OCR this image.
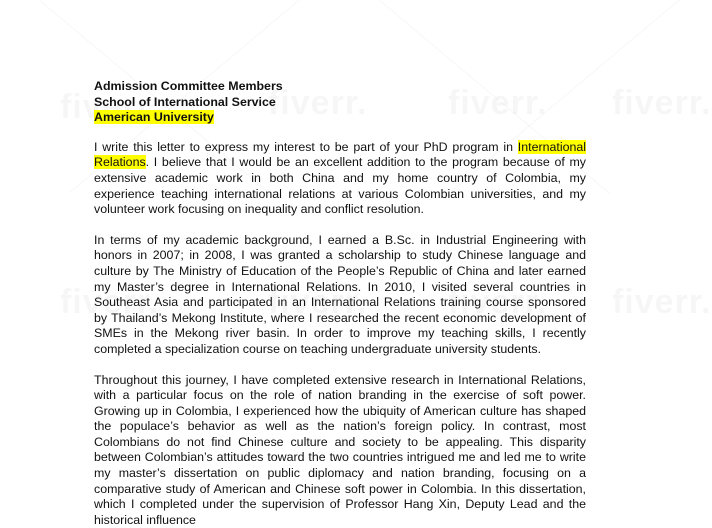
Admission Committee Members
School of International Service
American University

I write this letter to express my interest to be part of your PhD program in International Relations. I believe that I would be an excellent addition to the program because of my extensive academic work in both China and my home country of Colombia, my experience teaching international relations at various Colombian universities, and my volunteer work focusing on inequality and conflict resolution.

In terms of my academic background, I earned a B.Sc. in Industrial Engineering with honors in 2007; in 2008, I was granted a scholarship to study Chinese language and culture by The Ministry of Education of the People’s Republic of China and later earned my Master’s degree in International Relations. In 2010, I visited several countries in Southeast Asia and participated in an International Relations training course sponsored by Thailand’s Mekong Institute, where I researched the recent economic development of SMEs in the Mekong river basin. In order to improve my teaching skills, I recently completed a specialization course on teaching undergraduate university students.

Throughout this journey, I have completed extensive research in International Relations, with a particular focus on the role of nation branding in the exercise of soft power. Growing up in Colombia, I experienced how the ubiquity of American culture has shaped the populace’s behavior as well as the nation’s foreign policy. In contrast, most Colombians do not find Chinese culture and society to be appealing. This disparity between Colombian’s attitudes toward the two countries intrigued me and led me to write my master’s dissertation on public diplomacy and nation branding, focusing on a comparative study of American and Chinese soft power in Colombia. In this dissertation, which I completed under the supervision of Professor Hang Xin, Deputy Lead and the historical influence
